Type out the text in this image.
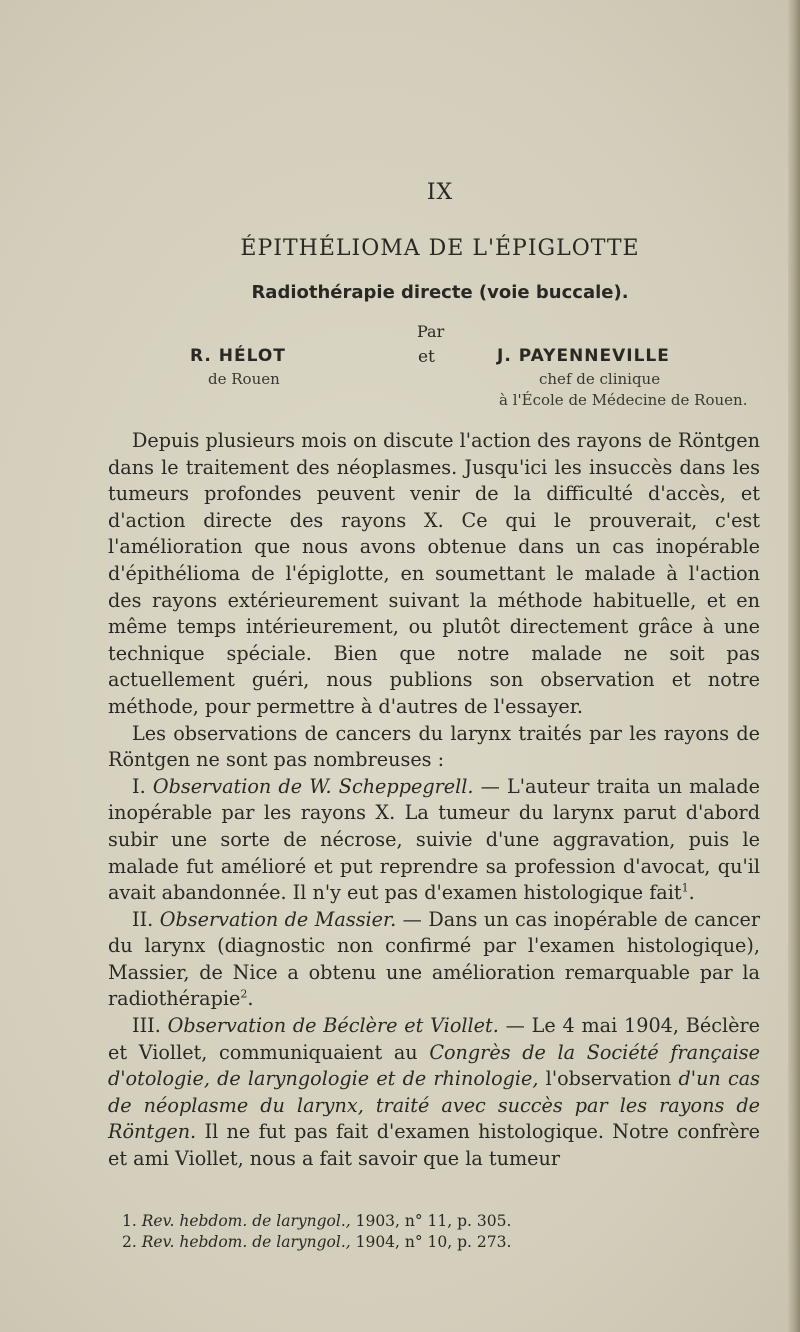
IX
ÉPITHÉLIOMA DE L'ÉPIGLOTTE
Radiothérapie directe (voie buccale).
Par
et
R. HÉLOT
de Rouen
J. PAYENNEVILLE
chef de clinique
à l'École de Médecine de Rouen.

Depuis plusieurs mois on discute l'action des rayons de Röntgen dans le traitement des néoplasmes. Jusqu'ici les insuccès dans les tumeurs profondes peuvent venir de la difficulté d'accès, et d'action directe des rayons X. Ce qui le prouverait, c'est l'amélioration que nous avons obtenue dans un cas inopérable d'épithélioma de l'épiglotte, en soumettant le malade à l'action des rayons extérieurement suivant la méthode habituelle, et en même temps intérieurement, ou plutôt directement grâce à une technique spéciale. Bien que notre malade ne soit pas actuellement guéri, nous publions son observation et notre méthode, pour permettre à d'autres de l'essayer.

Les observations de cancers du larynx traités par les rayons de Röntgen ne sont pas nombreuses :

I. Observation de W. Scheppegrell. — L'auteur traita un malade inopérable par les rayons X. La tumeur du larynx parut d'abord subir une sorte de nécrose, suivie d'une aggravation, puis le malade fut amélioré et put reprendre sa profession d'avocat, qu'il avait abandonnée. Il n'y eut pas d'examen histologique fait$^1$.

II. Observation de Massier. — Dans un cas inopérable de cancer du larynx (diagnostic non confirmé par l'examen histologique), Massier, de Nice a obtenu une amélioration remarquable par la radiothérapie$^2$.

III. Observation de Béclère et Viollet. — Le 4 mai 1904, Béclère et Viollet, communiquaient au Congrès de la Société française d'otologie, de laryngologie et de rhinologie, l'observation d'un cas de néoplasme du larynx, traité avec succès par les rayons de Röntgen. Il ne fut pas fait d'examen histologique. Notre confrère et ami Viollet, nous a fait savoir que la tumeur

1. Rev. hebdom. de laryngol., 1903, n° 11, p. 305.
2. Rev. hebdom. de laryngol., 1904, n° 10, p. 273.
